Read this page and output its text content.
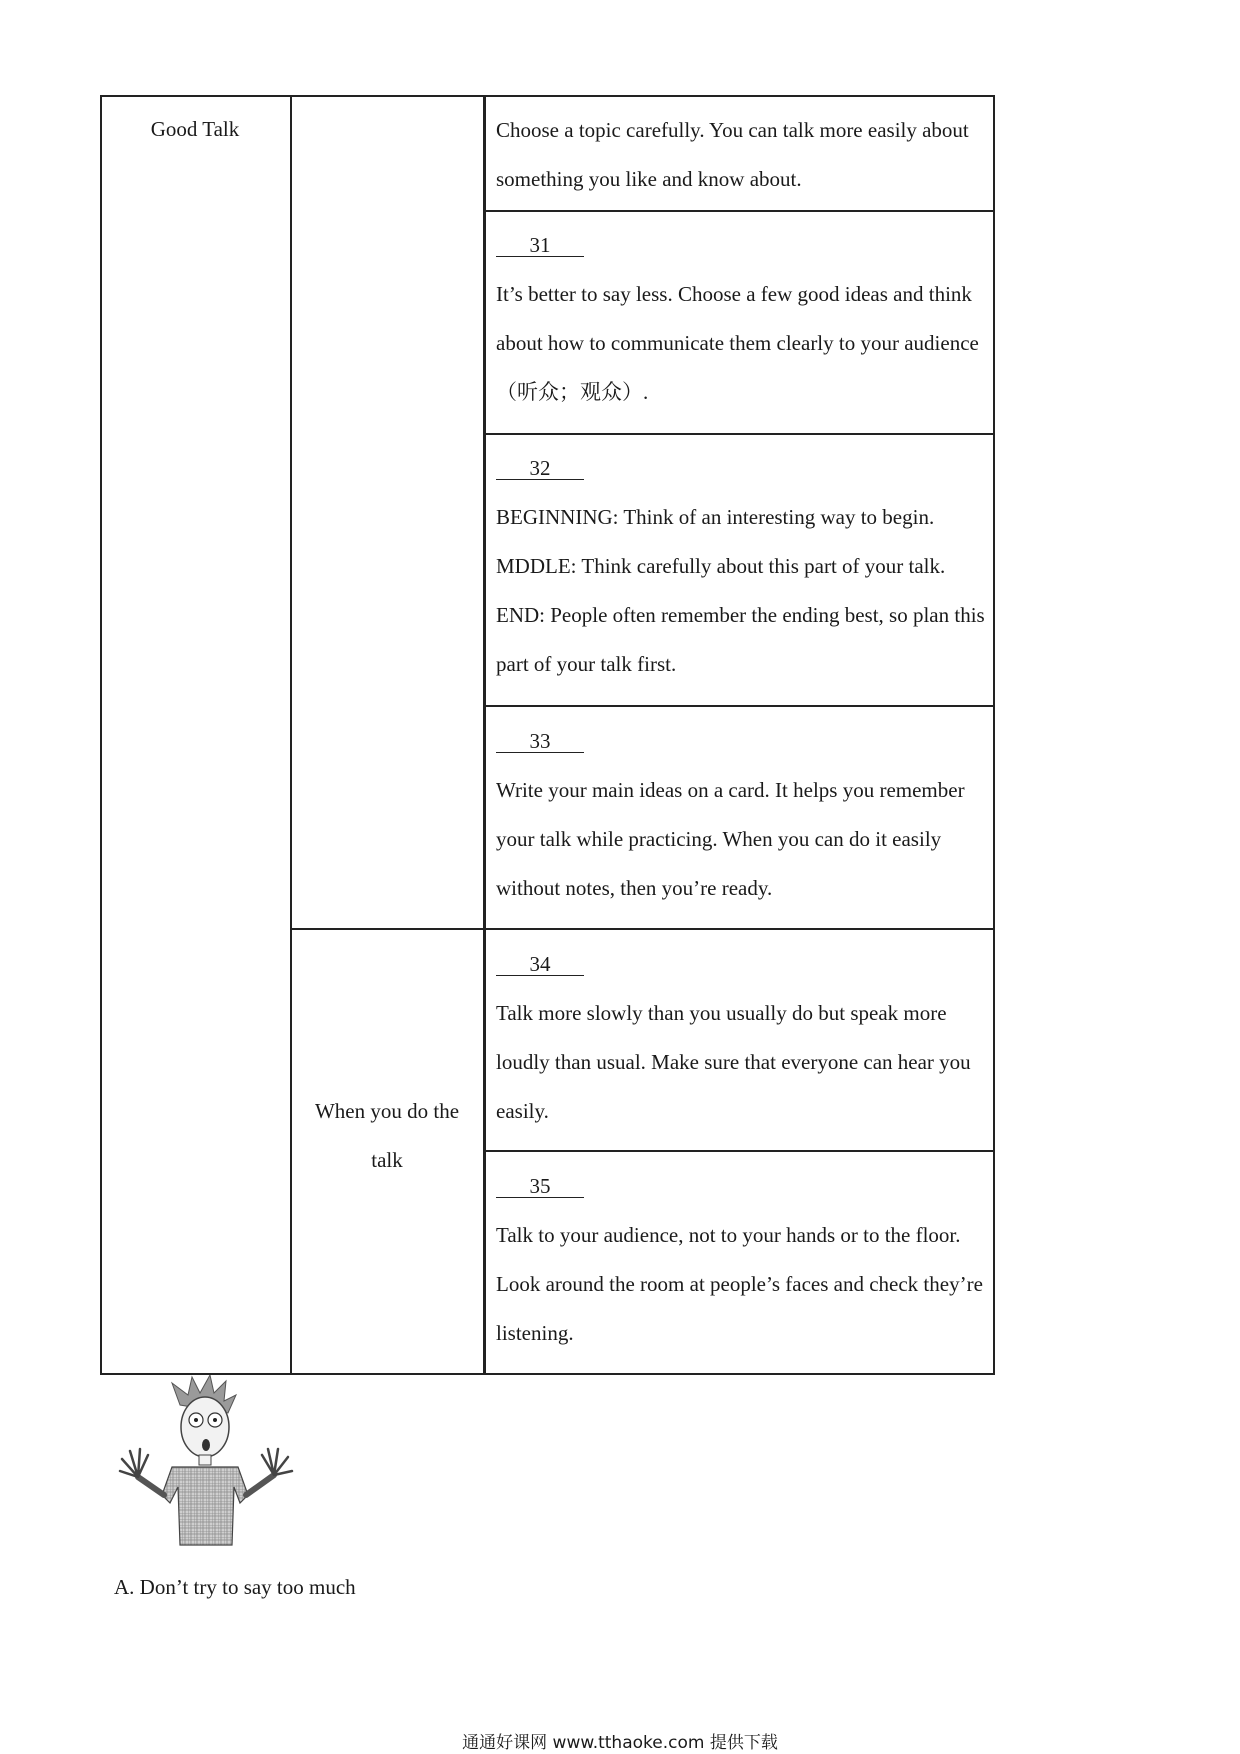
Good Talk
When you do the talk
Choose a topic carefully. You can talk more easily about something you like and know about.
31
It’s better to say less. Choose a few good ideas and think about how to communicate them clearly to your audience（听众；观众）.
32
BEGINNING: Think of an interesting way to begin. MDDLE: Think carefully about this part of your talk. END: People often remember the ending best, so plan this part of your talk first.
33
Write your main ideas on a card. It helps you remember your talk while practicing. When you can do it easily without notes, then you’re ready.
34
Talk more slowly than you usually do but speak more loudly than usual. Make sure that everyone can hear you easily.
35
Talk to your audience, not to your hands or to the floor. Look around the room at people’s faces and check they’re listening.
A. Don’t try to say too much
通通好课网 www.tthaoke.com 提供下载
